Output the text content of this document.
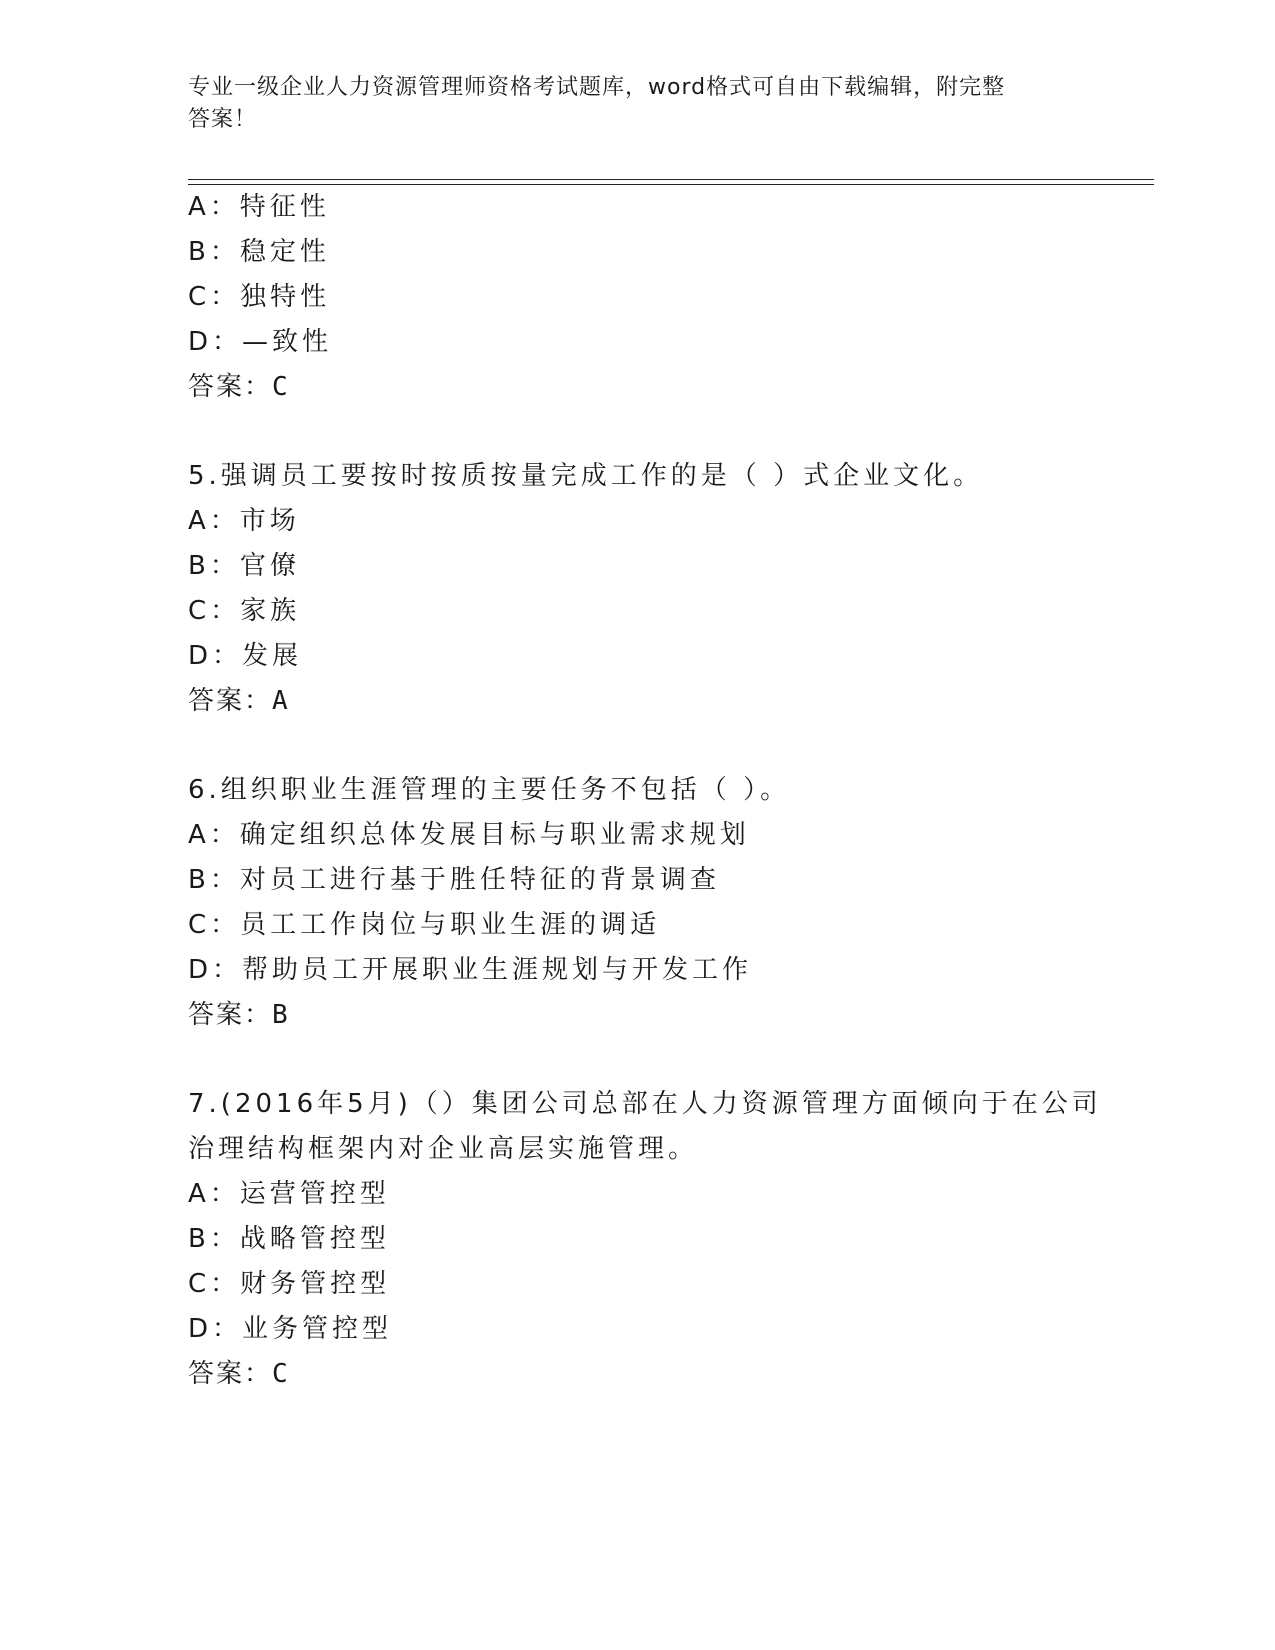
专业一级企业人力资源管理师资格考试题库，word格式可自由下载编辑，附完整
答案！
A：特征性
B：稳定性
C：独特性
D：—致性
答案：C
5.强调员工要按时按质按量完成工作的是（ ）式企业文化。
A：市场
B：官僚
C：家族
D：发展
答案：A
6.组织职业生涯管理的主要任务不包括（ ）。
A：确定组织总体发展目标与职业需求规划
B：对员工进行基于胜任特征的背景调查
C：员工工作岗位与职业生涯的调适
D：帮助员工开展职业生涯规划与开发工作
答案：B
7.(2016年5月)（）集团公司总部在人力资源管理方面倾向于在公司
治理结构框架内对企业高层实施管理。
A：运营管控型
B：战略管控型
C：财务管控型
D：业务管控型
答案：C
